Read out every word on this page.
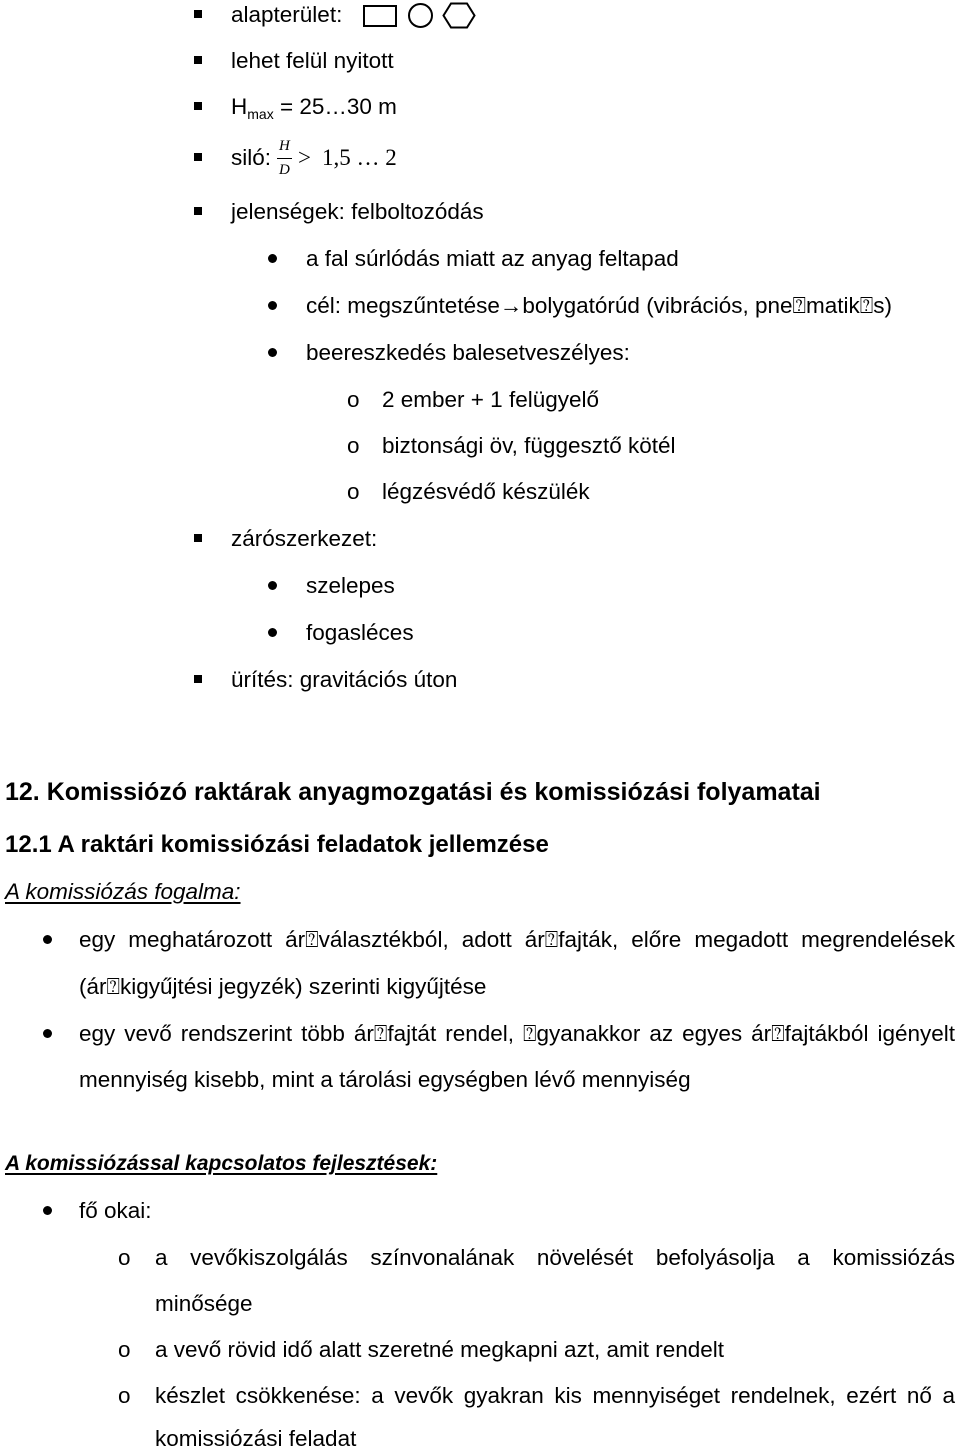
alapterület:
lehet felül nyitott
$H_{max}$ = 25…30 m
siló: H
D > 1,5 … 2
jelenségek: felboltozódás
a fal súrlódás miatt az anyag feltapad
cél: megszűntetése→bolygatórúd (vibrációs, pne⍰matik⍰s)
beereszkedés balesetveszélyes:
o 2 ember + 1 felügyelő
o biztonsági öv, függesztő kötél
o légzésvédő készülék
zárószerkezet:
szelepes
fogasléces
ürítés: gravitációs úton
12. Komissiózó raktárak anyagmozgatási és komissiózási folyamatai
12.1 A raktári komissiózási feladatok jellemzése
A komissiózás fogalma:
egy meghatározott ár⍰választékból, adott ár⍰fajták, előre megadott megrendelések
(ár⍰kigyűjtési jegyzék) szerinti kigyűjtése
egy vevő rendszerint több ár⍰fajtát rendel, ⍰gyanakkor az egyes ár⍰fajtákból igényelt
mennyiség kisebb, mint a tárolási egységben lévő mennyiség
A komissiózással kapcsolatos fejlesztések:
fő okai:
o a vevőkiszolgálás színvonalának növelését befolyásolja a komissiózás
minősége
o a vevő rövid idő alatt szeretné megkapni azt, amit rendelt
o készlet csökkenése: a vevők gyakran kis mennyiséget rendelnek, ezért nő a
komissiózási feladat
